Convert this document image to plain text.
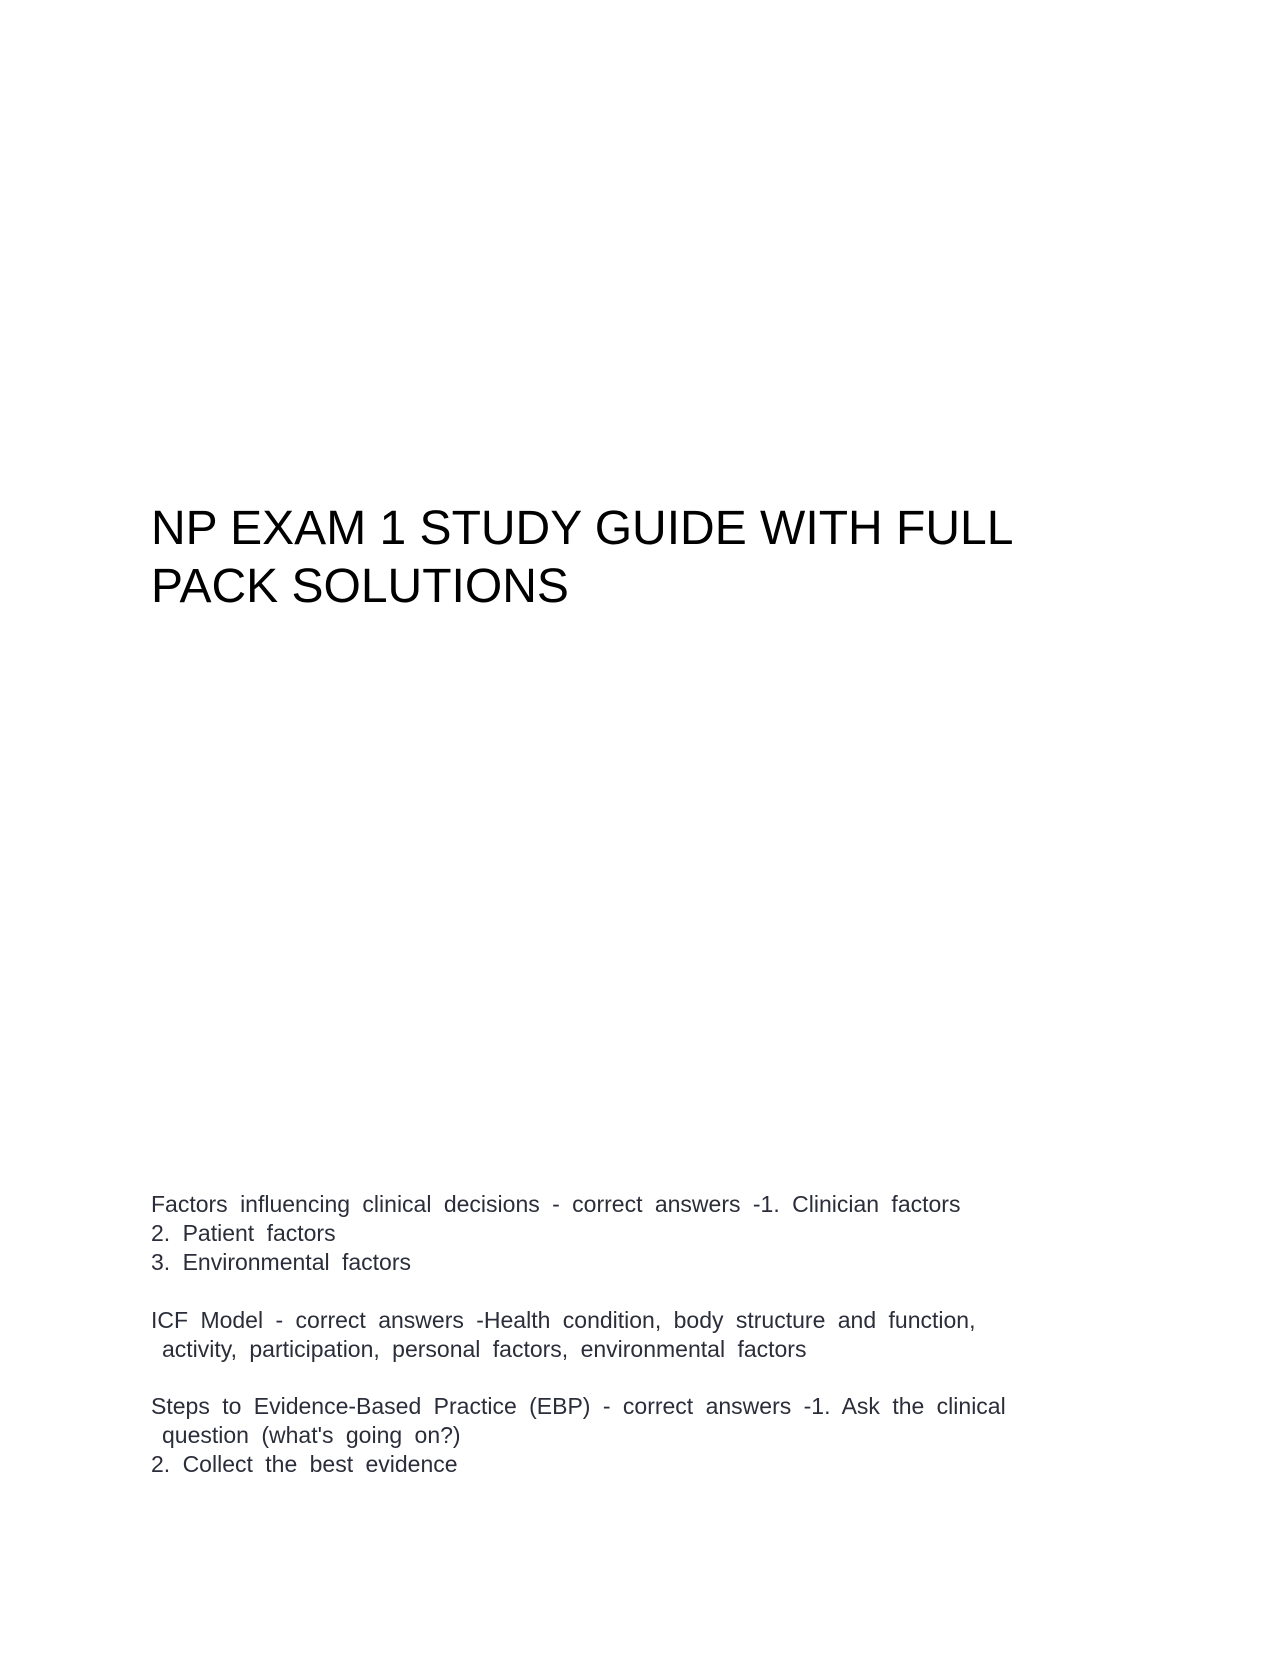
NP EXAM 1 STUDY GUIDE WITH FULL
PACK SOLUTIONS
Factors influencing clinical decisions - correct answers -1. Clinician factors
2. Patient factors
3. Environmental factors
ICF Model - correct answers -Health condition, body structure and function,
activity, participation, personal factors, environmental factors
Steps to Evidence-Based Practice (EBP) - correct answers -1. Ask the clinical
question (what's going on?)
2. Collect the best evidence
